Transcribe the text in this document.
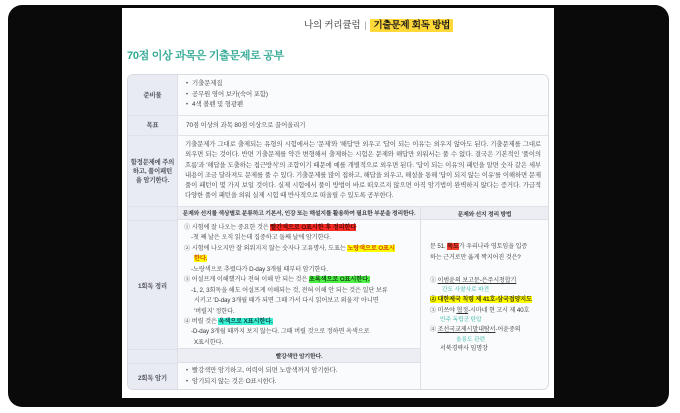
나의 커리큘럼 | 기출문제 회독 방법
70점 이상 과목은 기출문제로 공부
준비물
• 기출문제집
• 공무원 영어 보카(숙어 포함)
• 4색 볼펜 및 형광펜
목표	70점 이상의 과목 80점 이상으로 끌어올리기
함정문제에 주의하고, 풀이패턴을 암기한다.
기출문제가 그대로 출제되는 유형의 시험에서는 '문제'와 '해답'만 외우고 '답이 되는 이유'는 외우지 않아도 된다. 기출문제를 그대로 외우면 되는 것이다. 반면 기출문제를 약간 변형해서 출제하는 시험은 문제와 해답만 외워서는 풀 수 없다. 결국은 기본적인 '풀이의 흐름'과 '해답을 도출하는 접근방식'의 조합이기 때문에 예를 개별적으로 외우면 된다. '답이 되는 이유'의 패턴을 알면 숫자 같은 세부 내용이 조금 달라져도 문제를 풀 수 있다. 기출문제를 많이 접하고, 해답을 외우고, 해설을 통해 '답이 되지 않는 이유'를 이해하면 문제 풀이 패턴이 몇 가지 보일 것이다. 실제 시험에서 풀이 방법이 바로 떠오르지 않으면 아직 암기법이 완벽하지 않다는 증거다. 가급적 다양한 풀이 패턴을 외워 실제 시험 때 반사적으로 떠올릴 수 있도록 공부한다.
1회독 정리
2회독 암기
문제와 선지를 색상별로 분류하고 기본서, 인강 또는 해설지를 활용하여 필요한 부분을 정리한다.
① 시험에 잘 나오는 중요한 것은 빨간색으로 O표시한 후 정리한다
-첫 째 날은 오직 읽는데 집중하고 둘째 날에 암기한다.
② 시험에 나오지만 잘 외워지지 않는 숫자나 고유명사, 도표는 노랑색으로 O표시
한다.
-노랑색으로 추렸다가 D-day 3개월 때부터 암기한다.
③ 어설프게 이해했거나 전혀 이해 안 되는 것은 초록색으로 O표시한다.
-1, 2, 3회독을 해도 어설프게 이해되는 것, 전혀 이해 안 되는 것은 일단 보류
시키고 'D-day 3개월 때가 되면 그때 가서 다시 읽어보고 외울지' 아니면
'버릴지' 정한다.
④ 버릴 것은 옥색으로 X표시한다.
-D-day 3개월 때까지 보지 않는다. 그때 버릴 것으로 정하면 옥색으로
X표시한다.
빨강색만 암기한다.
• 빨강색만 암기하고, 여력이 되면 노랑색까지 암기한다.
• 암기되지 않는 것은 O표시한다.
문제와 선지 정리 방법
문 51. 독도가 우리나라 영토임을 입증
하는 근거로만 옳게 짝지어진 것은?
① 이범윤의 보고문-은주시청합기
간도 사찰사로 파견
② 대한제국 칙령 제 41호-삼국접양지도
③ 미쓰야 협정-시마네 현 고시 제 40호
만주 독립군 탄압
④ 조선국교제시말내탐서-어윤중의
울릉도 관련
서북경략사 임명장
